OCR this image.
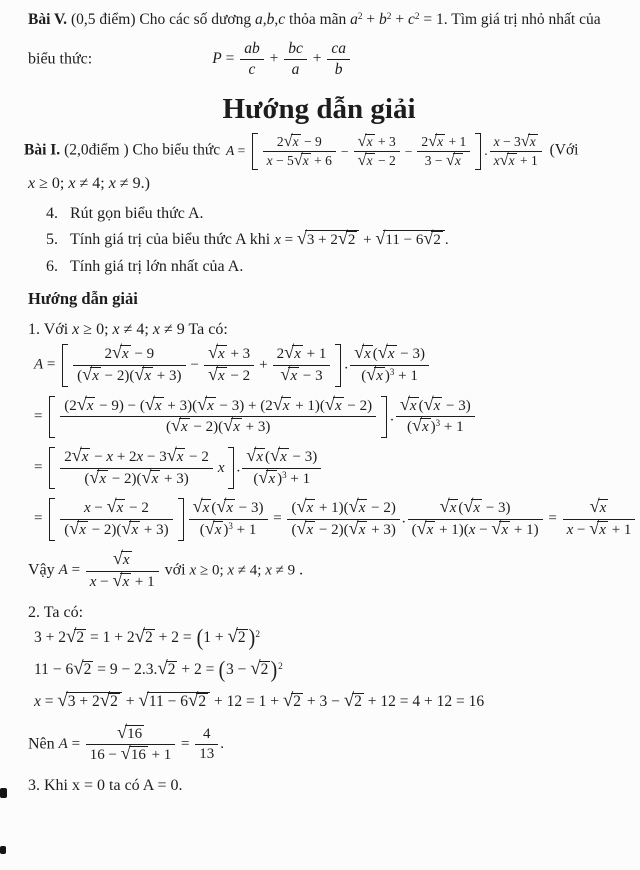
Bài V. (0,5 điểm) Cho các số dương a,b,c thỏa mãn $a^2 + b^2 + c^2 = 1$. Tìm giá trị nhỏ nhất của

biểu thức:	$P = \frac{ab}{c} + \frac{bc}{a} + \frac{ca}{b}$

Hướng dẫn giải

Bài I. (2,0điểm ) Cho biểu thức A =
2√x − 9
x − 5√x + 6
−
√x + 3
√x − 2
−
2√x + 1
3 − √x
. $\frac{x - 3√x}{x√x + 1}$ (Với

x ≥ 0; x ≠ 4; x ≠ 9.)

4. Rút gọn biểu thức A.
5. Tính giá trị của biểu thức A khi x = √3 + 2√2 + √11 − 6√2 .
6. Tính giá trị lớn nhất của A.
Hướng dẫn giải

1. Với x ≥ 0; x ≠ 4; x ≠ 9 Ta có:

A =
2√x − 9
(√x − 2)(√x + 3)
−
√x + 3
√x − 2
+
2√x + 1
√x − 3
. $\frac{√x (√x - 3)}{(√x )^3 + 1}$
=
(2√x − 9) − (√x + 3)(√x − 3) + (2√x + 1)(√x − 2)
(√x − 2)(√x + 3)
. $\frac{√x (√x - 3)}{(√x )^3 + 1}$
=
2√x − x + 2x − 3√x − 2
(√x − 2)(√x + 3)
x . $\frac{√x (√x - 3)}{(√x )^3 + 1}$
=
x − √x − 2
$(√x - 2)(√x + 3) \frac{√x (√x - 3)}{(√x )^3 + 1} = \frac{(√x + 1)(√x - 2)}{(√x - 2)(√x + 3)}$ . $\frac{√x (√x - 3)}{(√x + 1)(x - √x + 1)} = \frac{√x}{x - √x + 1}$
Vậy $A = \frac{√x}{x - √x + 1}$ với x ≥ 0; x ≠ 4; x ≠ 9 .

2. Ta có:

3 + 2√2 = 1 + 2√2 + 2 = (1 + √2 )$^2$
11 − 6√2 = 9 − 2.3.√2 + 2 = (3 − √2 )$^2$
x = √3 + 2√2 + √11 − 6√2 + 12 = 1 + √2 + 3 − √2 + 12 = 4 + 12 = 16
Nên $A = \frac{√16}{16 - √16 + 1} = \frac{4}{13}$ .

3. Khi x = 0 ta có A = 0.
